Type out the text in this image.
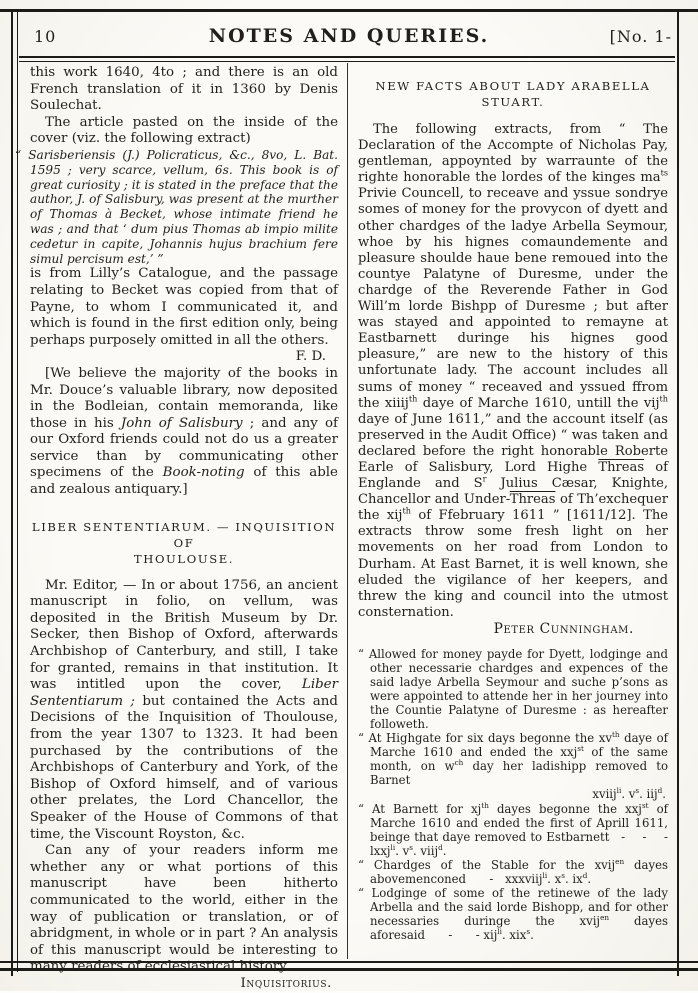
10	NOTES AND QUERIES.	[No. 1-

this work 1640, 4to ; and there is an old French translation of it in 1360 by Denis Soulechat.

The article pasted on the inside of the cover (viz. the following extract)

“ Sarisberiensis (J.) Policraticus, &c., 8vo, L. Bat. 1595 ; very scarce, vellum, 6s. This book is of great curiosity ; it is stated in the preface that the author, J. of Salisbury, was present at the murther of Thomas à Becket, whose intimate friend he was ; and that ‘ dum pius Thomas ab impio milite cedetur in capite, Johannis hujus brachium fere simul percisum est,’ ”

is from Lilly’s Catalogue, and the passage relating to Becket was copied from that of Payne, to whom I communicated it, and which is found in the first edition only, being perhaps purposely omitted in all the others.

F. D.

[We believe the majority of the books in Mr. Douce’s valuable library, now deposited in the Bodleian, contain memoranda, like those in his John of Salisbury ; and any of our Oxford friends could not do us a greater service than by communicating other specimens of the Book-noting of this able and zealous antiquary.]

LIBER SENTENTIARUM. — INQUISITION OF
THOULOUSE.

Mr. Editor, — In or about 1756, an ancient manuscript in folio, on vellum, was deposited in the British Museum by Dr. Secker, then Bishop of Oxford, afterwards Archbishop of Canterbury, and still, I take for granted, remains in that institution. It was intitled upon the cover, Liber Sententiarum ; but contained the Acts and Decisions of the Inquisition of Thoulouse, from the year 1307 to 1323. It had been purchased by the contributions of the Archbishops of Canterbury and York, of the Bishop of Oxford himself, and of various other prelates, the Lord Chancellor, the Speaker of the House of Commons of that time, the Viscount Royston, &c.

Can any of your readers inform me whether any or what portions of this manuscript have been hitherto communicated to the world, either in the way of publication or translation, or of abridgment, in whole or in part ? An analysis of this manuscript would be interesting to many readers of ecclesiastical history.

Inquisitorius.

NEW FACTS ABOUT LADY ARABELLA STUART.

The following extracts, from “ The Declaration of the Accompte of Nicholas Pay, gentleman, appoynted by warraunte of the righte honorable the lordes of the kinges $ma^{ts}$ Privie Councell, to receave and yssue sondrye somes of money for the provycon of dyett and other chardges of the ladye Arbella Seymour, whoe by his hignes comaundemente and pleasure shoulde haue bene remoued into the countye Palatyne of Duresme, under the chardge of the Reverende Father in God Will’m lorde Bishpp of Duresme ; but after was stayed and appointed to remayne at Eastbarnett duringe his hignes good pleasure,” are new to the history of this unfortunate lady. The account includes all sums of money “ receaved and yssued ffrom the xiiij$^{th}$ daye of Marche 1610, untill the vij$^{th}$ daye of June 1611,” and the account itself (as preserved in the Audit Office) “ was taken and declared before the right honorable Roberte Earle of Salisbury, Lord Highe Threas of Englande and $S^r$ Julius Cæsar, Knighte, Chancellor and Under-Threas of Th’exchequer the xij$^{th}$ of Ffebruary 1611 ” [1611/12]. The extracts throw some fresh light on her movements on her road from London to Durham. At East Barnet, it is well known, she eluded the vigilance of her keepers, and threw the king and council into the utmost consternation.

Peter Cunningham.

“ Allowed for money payde for Dyett, lodginge and other necessarie chardges and expences of the said ladye Arbella Seymour and suche p’sons as were appointed to attende her in her journey into the Countie Palatyne of Duresme : as hereafter followeth.

“ At Highgate for six days begonne the $xv^{th}$ daye of Marche 1610 and ended the xxj$^{st}$ of the same month, on $w^{ch}$ day her ladishipp removed to Barnet

xviij$^{li}$. $v^s$. iij$^d$.

“ At Barnett for $xj^{th}$ dayes begonne the xxj$^{st}$ of Marche 1610 and ended the first of Aprill 1611, beinge that daye removed to Estbarnett -  -  - lxxj$^{li}$. $v^s$. viij$^d$.

“ Chardges of the Stable for the xvij$^{en}$ dayes abovemenconed  - xxxviij$^{li}$. $x^s$. $ix^d$.

“ Lodginge of some of the retinewe of the lady Arbella and the said lorde Bishopp, and for other necessaries duringe the xvij$^{en}$ dayes aforesaid  -  - xij$^{li}$. xix$^s$.
